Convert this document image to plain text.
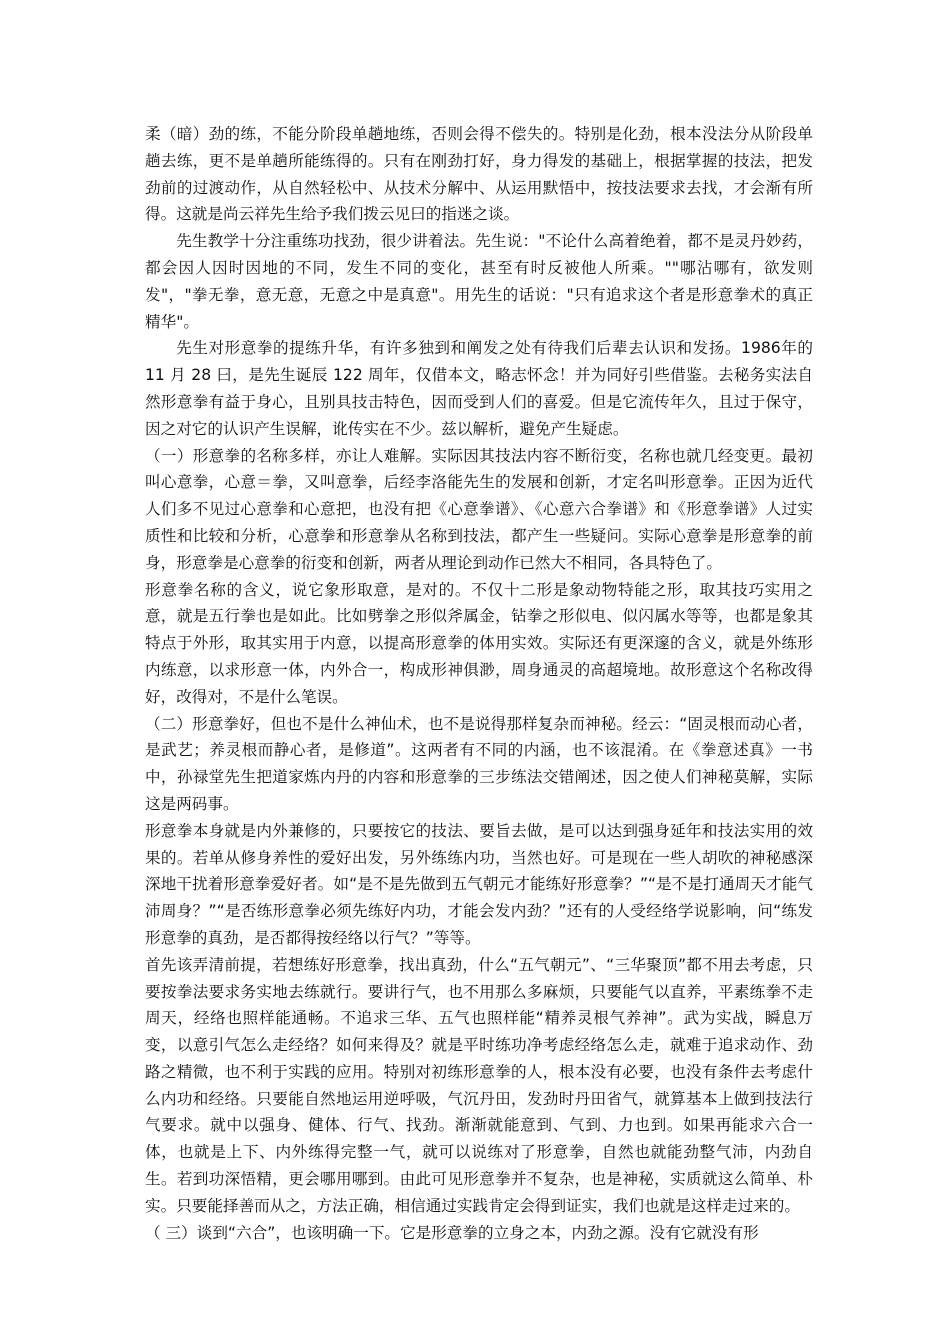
柔（暗）劲的练，不能分阶段单趟地练，否则会得不偿失的。特别是化劲，根本没法分从阶段单趟去练，更不是单趟所能练得的。只有在刚劲打好，身力得发的基础上，根据掌握的技法，把发劲前的过渡动作，从自然轻松中、从技术分解中、从运用默悟中，按技法要求去找，才会渐有所得。这就是尚云祥先生给予我们拨云见曰的指迷之谈。

先生教学十分注重练功找劲，很少讲着法。先生说："不论什么高着绝着，都不是灵丹妙药，都会因人因时因地的不同，发生不同的变化，甚至有时反被他人所乘。""哪沾哪有，欲发则发"，"拳无拳，意无意，无意之中是真意"。用先生的话说："只有追求这个者是形意拳术的真正精华"。

先生对形意拳的提练升华，有许多独到和阐发之处有待我们后辈去认识和发扬。1986年的 11 月 28 曰，是先生诞辰 122 周年，仅借本文，略志怀念！并为同好引些借鉴。去秘务实法自然形意拳有益于身心，且别具技击特色，因而受到人们的喜爱。但是它流传年久，且过于保守，因之对它的认识产生误解，讹传实在不少。兹以解析，避免产生疑虑。

（一）形意拳的名称多样，亦让人难解。实际因其技法内容不断衍变，名称也就几经变更。最初叫心意拳，心意＝拳，又叫意拳，后经李洛能先生的发展和创新，才定名叫形意拳。正因为近代人们多不见过心意拳和心意把，也没有把《心意拳谱》、《心意六合拳谱》和《形意拳谱》人过实质性和比较和分析，心意拳和形意拳从名称到技法，都产生一些疑问。实际心意拳是形意拳的前身，形意拳是心意拳的衍变和创新，两者从理论到动作已然大不相同，各具特色了。

形意拳名称的含义，说它象形取意，是对的。不仅十二形是象动物特能之形，取其技巧实用之意，就是五行拳也是如此。比如劈拳之形似斧属金，钻拳之形似电、似闪属水等等，也都是象其特点于外形，取其实用于内意，以提高形意拳的体用实效。实际还有更深邃的含义，就是外练形内练意，以求形意一体，内外合一，构成形神俱渺，周身通灵的高超境地。故形意这个名称改得好，改得对，不是什么笔误。

（二）形意拳好，但也不是什么神仙术，也不是说得那样复杂而神秘。经云：“固灵根而动心者，是武艺；养灵根而静心者，是修道”。这两者有不同的内涵，也不该混淆。在《拳意述真》一书中，孙禄堂先生把道家炼内丹的内容和形意拳的三步练法交错阐述，因之使人们神秘莫解，实际这是两码事。

形意拳本身就是内外兼修的，只要按它的技法、要旨去做，是可以达到强身延年和技法实用的效果的。若单从修身养性的爱好出发，另外练练内功，当然也好。可是现在一些人胡吹的神秘感深深地干扰着形意拳爱好者。如“是不是先做到五气朝元才能练好形意拳？”“是不是打通周天才能气沛周身？”“是否练形意拳必须先练好内功，才能会发内劲？”还有的人受经络学说影响，问“练发形意拳的真劲，是否都得按经络以行气？”等等。

首先该弄清前提，若想练好形意拳，找出真劲，什么“五气朝元”、“三华聚顶”都不用去考虑，只要按拳法要求务实地去练就行。要讲行气，也不用那么多麻烦，只要能气以直养，平素练拳不走周天，经络也照样能通畅。不追求三华、五气也照样能“精养灵根气养神”。武为实战，瞬息万变，以意引气怎么走经络？如何来得及？就是平时练功净考虑经络怎么走，就难于追求动作、劲路之精微，也不利于实践的应用。特别对初练形意拳的人，根本没有必要，也没有条件去考虑什么内功和经络。只要能自然地运用逆呼吸，气沉丹田，发劲时丹田省气，就算基本上做到技法行气要求。就中以强身、健体、行气、找劲。渐渐就能意到、气到、力也到。如果再能求六合一体，也就是上下、内外练得完整一气，就可以说练对了形意拳，自然也就能劲整气沛，内劲自生。若到功深悟精，更会哪用哪到。由此可见形意拳并不复杂，也是神秘，实质就这么简单、朴实。只要能择善而从之，方法正确，相信通过实践肯定会得到证实，我们也就是这样走过来的。

（ 三）谈到“六合”，也该明确一下。它是形意拳的立身之本，内劲之源。没有它就没有形
